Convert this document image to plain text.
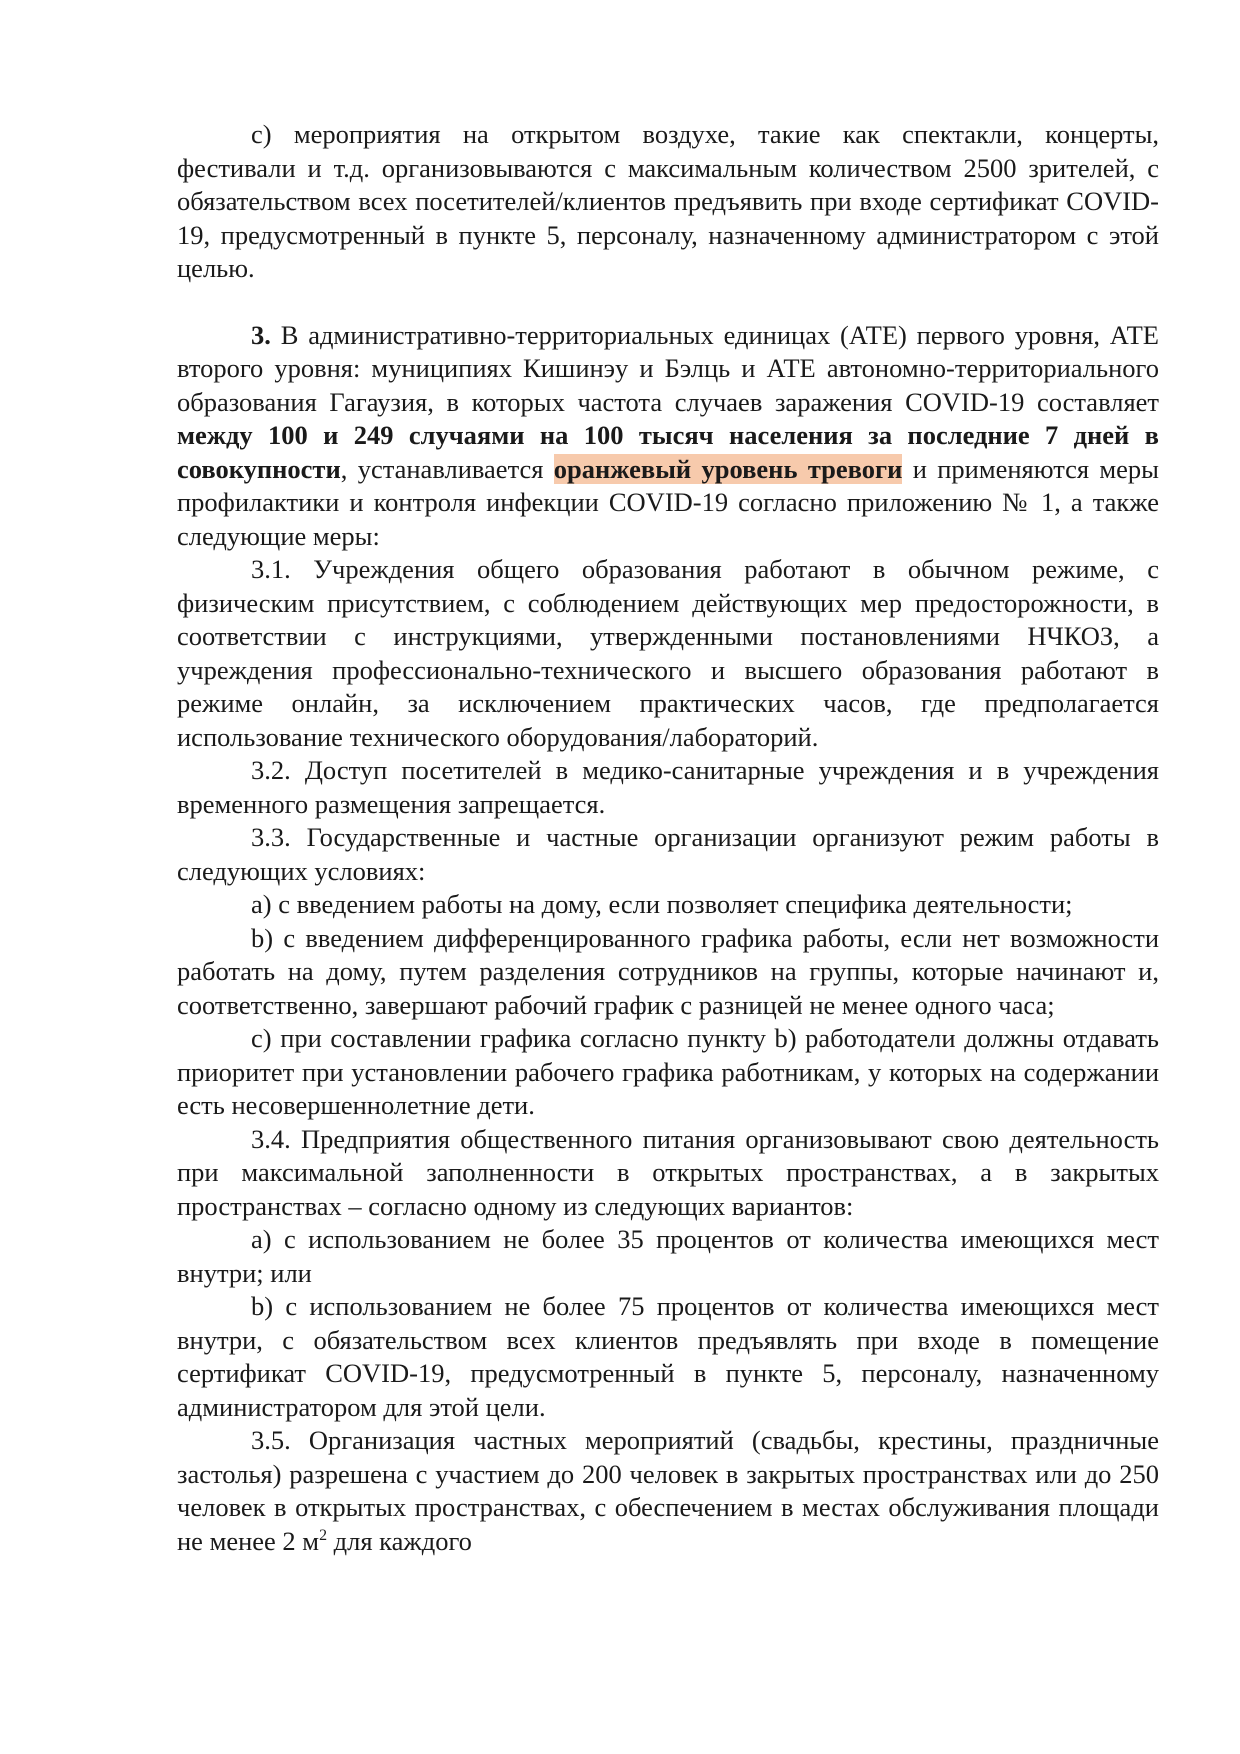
c) мероприятия на открытом воздухе, такие как спектакли, концерты, фестивали и т.д. организовываются с максимальным количеством 2500 зрителей, с обязательством всех посетителей/клиентов предъявить при входе сертификат COVID-19, предусмотренный в пункте 5, персоналу, назначенному администратором с этой целью.

3. В административно-территориальных единицах (АТЕ) первого уровня, АТЕ второго уровня: муниципиях Кишинэу и Бэлць и АТЕ автономно-территориального образования Гагаузия, в которых частота случаев заражения COVID-19 составляет между 100 и 249 случаями на 100 тысяч населения за последние 7 дней в совокупности, устанавливается оранжевый уровень тревоги и применяются меры профилактики и контроля инфекции COVID-19 согласно приложению № 1, а также следующие меры:

3.1. Учреждения общего образования работают в обычном режиме, с физическим присутствием, с соблюдением действующих мер предосторожности, в соответствии с инструкциями, утвержденными постановлениями НЧКОЗ, а учреждения профессионально-технического и высшего образования работают в режиме онлайн, за исключением практических часов, где предполагается использование технического оборудования/лабораторий.

3.2. Доступ посетителей в медико-санитарные учреждения и в учреждения временного размещения запрещается.

3.3. Государственные и частные организации организуют режим работы в следующих условиях:

a) с введением работы на дому, если позволяет специфика деятельности;

b) с введением дифференцированного графика работы, если нет возможности работать на дому, путем разделения сотрудников на группы, которые начинают и, соответственно, завершают рабочий график с разницей не менее одного часа;

c) при составлении графика согласно пункту b) работодатели должны отдавать приоритет при установлении рабочего графика работникам, у которых на содержании есть несовершеннолетние дети.

3.4. Предприятия общественного питания организовывают свою деятельность при максимальной заполненности в открытых пространствах, а в закрытых пространствах – согласно одному из следующих вариантов:

a) с использованием не более 35 процентов от количества имеющихся мест внутри; или

b) с использованием не более 75 процентов от количества имеющихся мест внутри, с обязательством всех клиентов предъявлять при входе в помещение сертификат COVID-19, предусмотренный в пункте 5, персоналу, назначенному администратором для этой цели.

3.5. Организация частных мероприятий (свадьбы, крестины, праздничные застолья) разрешена с участием до 200 человек в закрытых пространствах или до 250 человек в открытых пространствах, с обеспечением в местах обслуживания площади не менее 2 $м^2$ для каждого
